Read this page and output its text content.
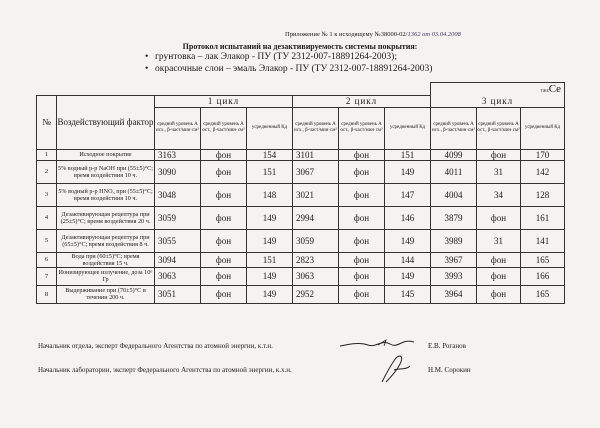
Приложение № 1 к исходящему №38000-02/1362 от 03.04.2008
Протокол испытаний на дезактивируемость системы покрытия:
• грунтовка – лак Элакор - ПУ (ТУ 2312-007-18891264-2003);
• окрасочные слои – эмаль Элакор - ПУ (ТУ 2312-007-18891264-2003)
								ТЖБCe		
№	Воздействующий фактор	1 цикл			2 цикл			3 цикл		
		средний уровень А исх., β-част/мин·см²	средний уровень А ост., β-част/мин·см²	усредненный Кд	средний уровень А исх., β-част/мин·см²	средний уровень А ост., β-част/мин·см²	усредненный Кд	средний уровень А исх., β-част/мин·см²	средний уровень А ост., β-част/мин·см²	усредненный Кд
1	Исходное покрытие	3163	фон	154	3101	фон	151	4099	фон	170
2	5% водный р-р NaOH при (55±5)°С; время воздействия 10 ч.	3090	фон	151	3067	фон	149	4011	31	142
3	5% водный р-р HNO₃ при (55±5)°С; время воздействия 10 ч.	3048	фон	148	3021	фон	147	4004	34	128
4	Дезактивирующая рецептура при (25±5)°С; время воздействия 20 ч.	3059	фон	149	2994	фон	146	3879	фон	161
5	Дезактивирующая рецептура при (65±5)°С; время воздействия 8 ч.	3055	фон	149	3059	фон	149	3989	31	141
6	Вода при (60±5)°С; время воздействия 15 ч.	3094	фон	151	2823	фон	144	3967	фон	165
7	Ионизирующее излучение, доза 10⁶ Гр	3063	фон	149	3063	фон	149	3993	фон	166
8	Выдерживание при (70±5)°С в течении 200 ч.	3051	фон	149	2952	фон	145	3964	фон	165
Начальник отдела, эксперт Федерального Агентства по атомной энергии, к.т.н.	Е.В. Роганов
Начальник лаборатории, эксперт Федерального Агентства по атомной энергии, к.х.н.	Н.М. Сорокин
